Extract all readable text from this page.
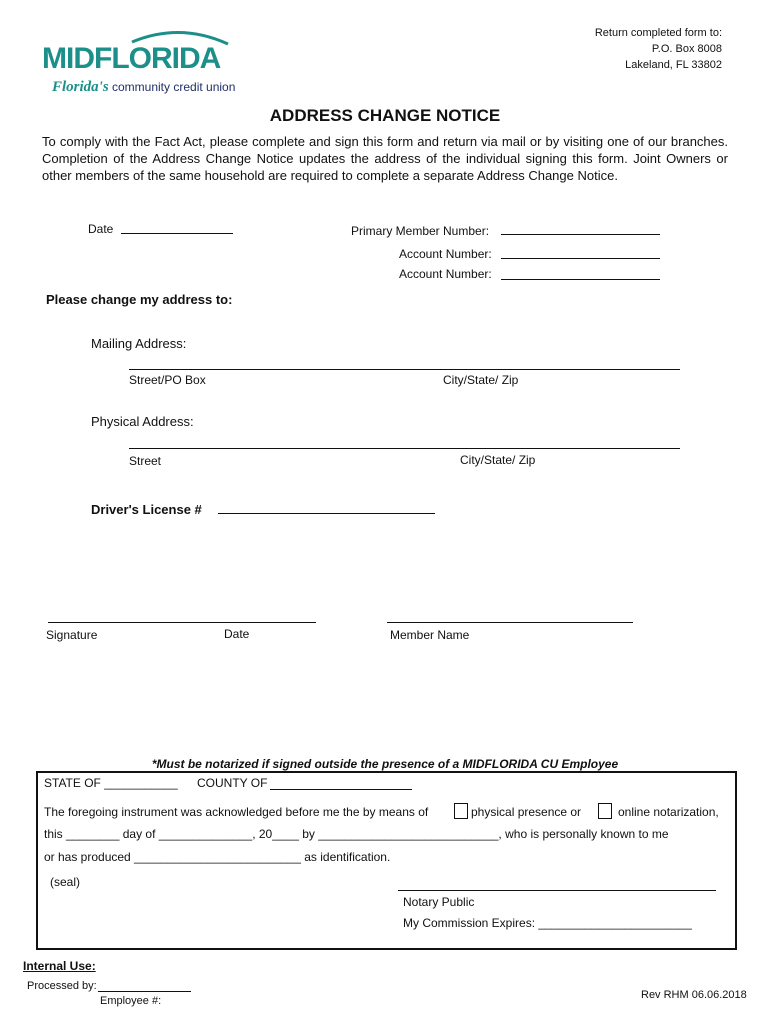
Return completed form to:
P.O. Box 8008
Lakeland, FL 33802
MIDFLORIDA
Florida's community credit union
ADDRESS CHANGE NOTICE
To comply with the Fact Act, please complete and sign this form and return via mail or by visiting one of our branches. Completion of the Address Change Notice updates the address of the individual signing this form. Joint Owners or other members of the same household are required to complete a separate Address Change Notice.
Date	Primary Member Number:
Account Number:
Account Number:
Please change my address to:
Mailing Address:
Street/PO Box	City/State/ Zip
Physical Address:
Street	City/State/ Zip
Driver's License #
Signature	Date	Member Name
*Must be notarized if signed outside the presence of a MIDFLORIDA CU Employee
STATE OF ___________ COUNTY OF
The foregoing instrument was acknowledged before me the by means of	physical presence or	online notarization,
this ________ day of ______________, 20____ by ___________________________, who is personally known to me
or has produced _________________________ as identification.
(seal)
Notary Public
My Commission Expires: _______________________
Internal Use:
Processed by:
Employee #:	Rev RHM 06.06.2018
